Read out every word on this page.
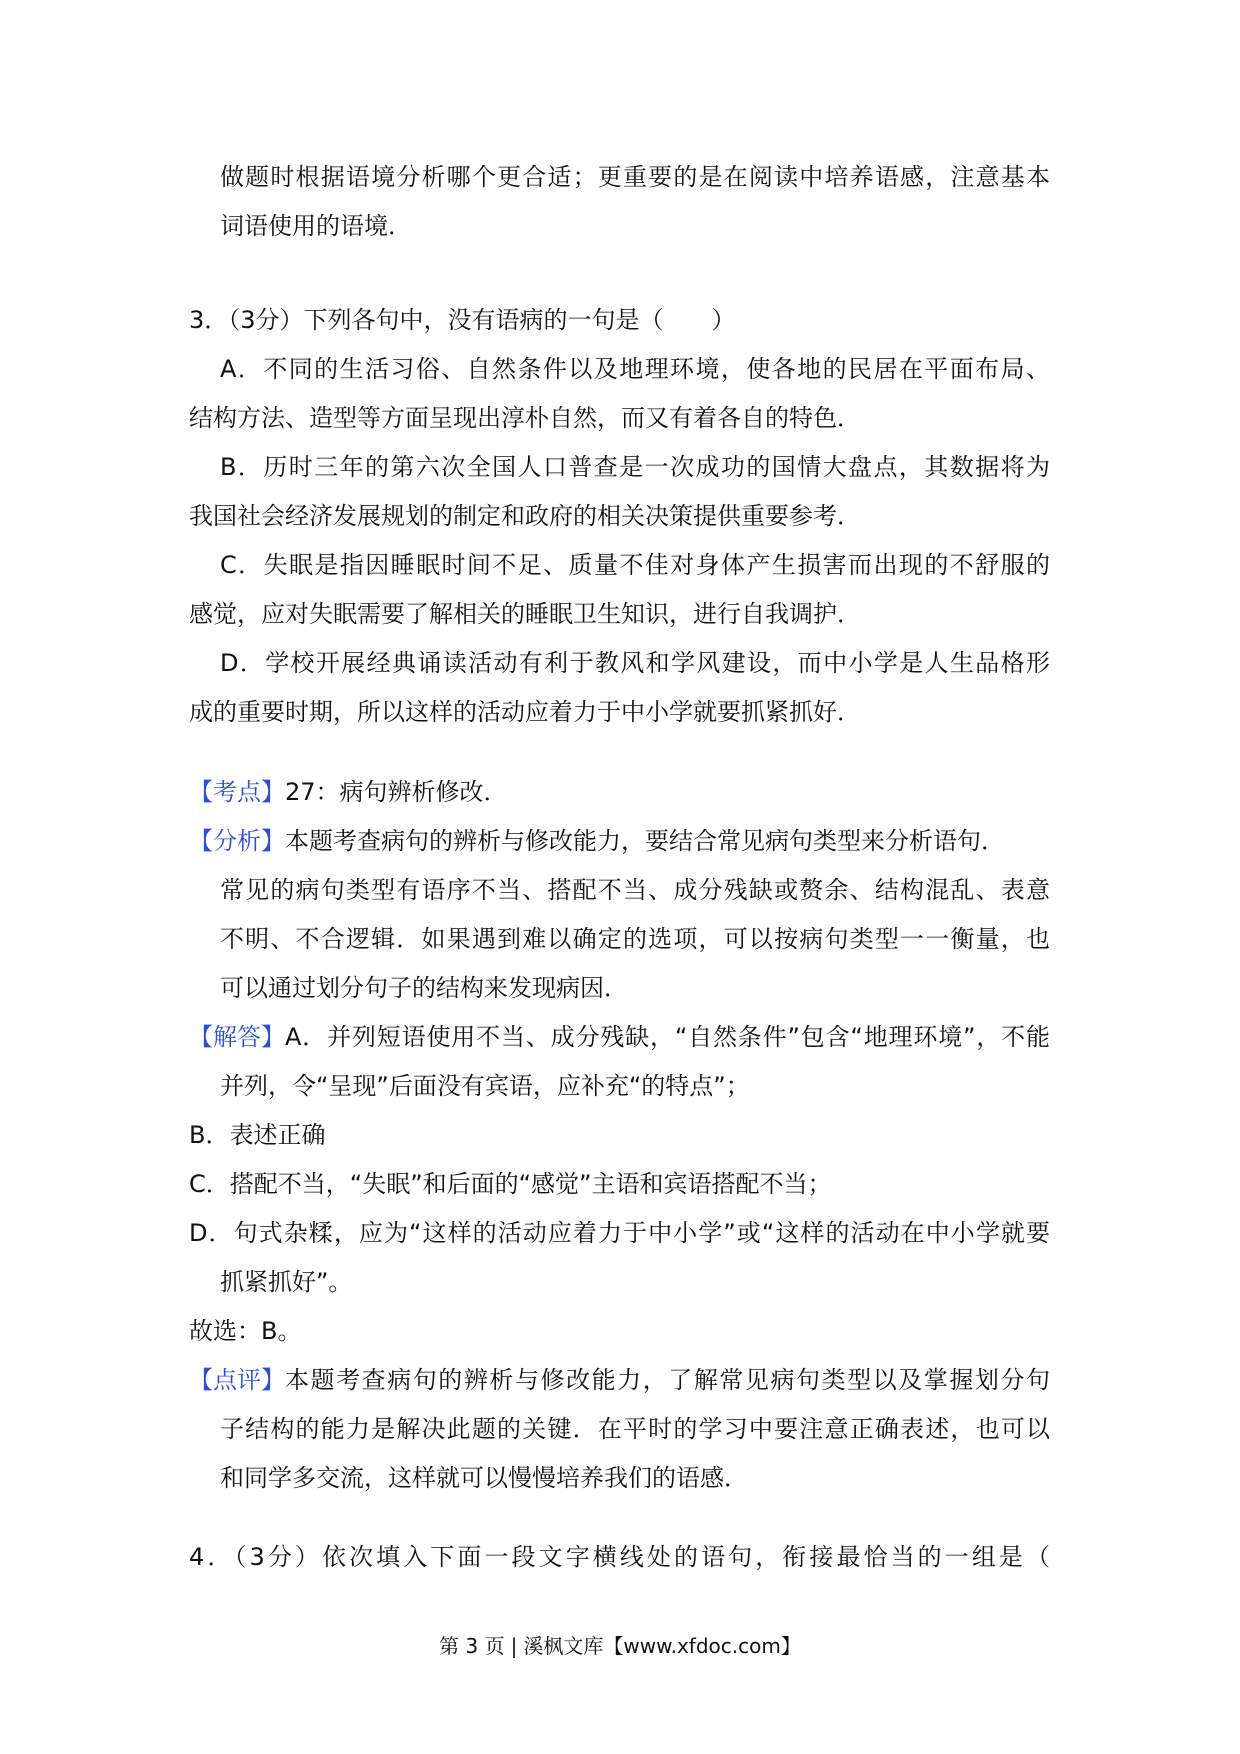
做题时根据语境分析哪个更合适；更重要的是在阅读中培养语感，注意基本
词语使用的语境．
3．（3分）下列各句中，没有语病的一句是（　　）
A．不同的生活习俗、自然条件以及地理环境，使各地的民居在平面布局、
结构方法、造型等方面呈现出淳朴自然，而又有着各自的特色．
B．历时三年的第六次全国人口普查是一次成功的国情大盘点，其数据将为
我国社会经济发展规划的制定和政府的相关决策提供重要参考．
C．失眠是指因睡眠时间不足、质量不佳对身体产生损害而出现的不舒服的
感觉，应对失眠需要了解相关的睡眠卫生知识，进行自我调护．
D．学校开展经典诵读活动有利于教风和学风建设，而中小学是人生品格形
成的重要时期，所以这样的活动应着力于中小学就要抓紧抓好．
【考点】27：病句辨析修改．
【分析】本题考查病句的辨析与修改能力，要结合常见病句类型来分析语句．
常见的病句类型有语序不当、搭配不当、成分残缺或赘余、结构混乱、表意
不明、不合逻辑．如果遇到难以确定的选项，可以按病句类型一一衡量，也
可以通过划分句子的结构来发现病因．
【解答】 A．并列短语使用不当、成分残缺，“自然条件”包含“地理环境”，不能
并列，令“呈现”后面没有宾语，应补充“的特点”；
B．表述正确
C．搭配不当，“失眠”和后面的“感觉”主语和宾语搭配不当；
D．句式杂糅，应为“这样的活动应着力于中小学”或“这样的活动在中小学就要
抓紧抓好”。
故选：B。
【点评】 本题考查病句的辨析与修改能力，了解常见病句类型以及掌握划分句
子结构的能力是解决此题的关键．在平时的学习中要注意正确表述，也可以
和同学多交流，这样就可以慢慢培养我们的语感．
4．（3分）依次填入下面一段文字横线处的语句，衔接最恰当的一组是（
第 3 页 | 溪枫文库【www.xfdoc.com】
